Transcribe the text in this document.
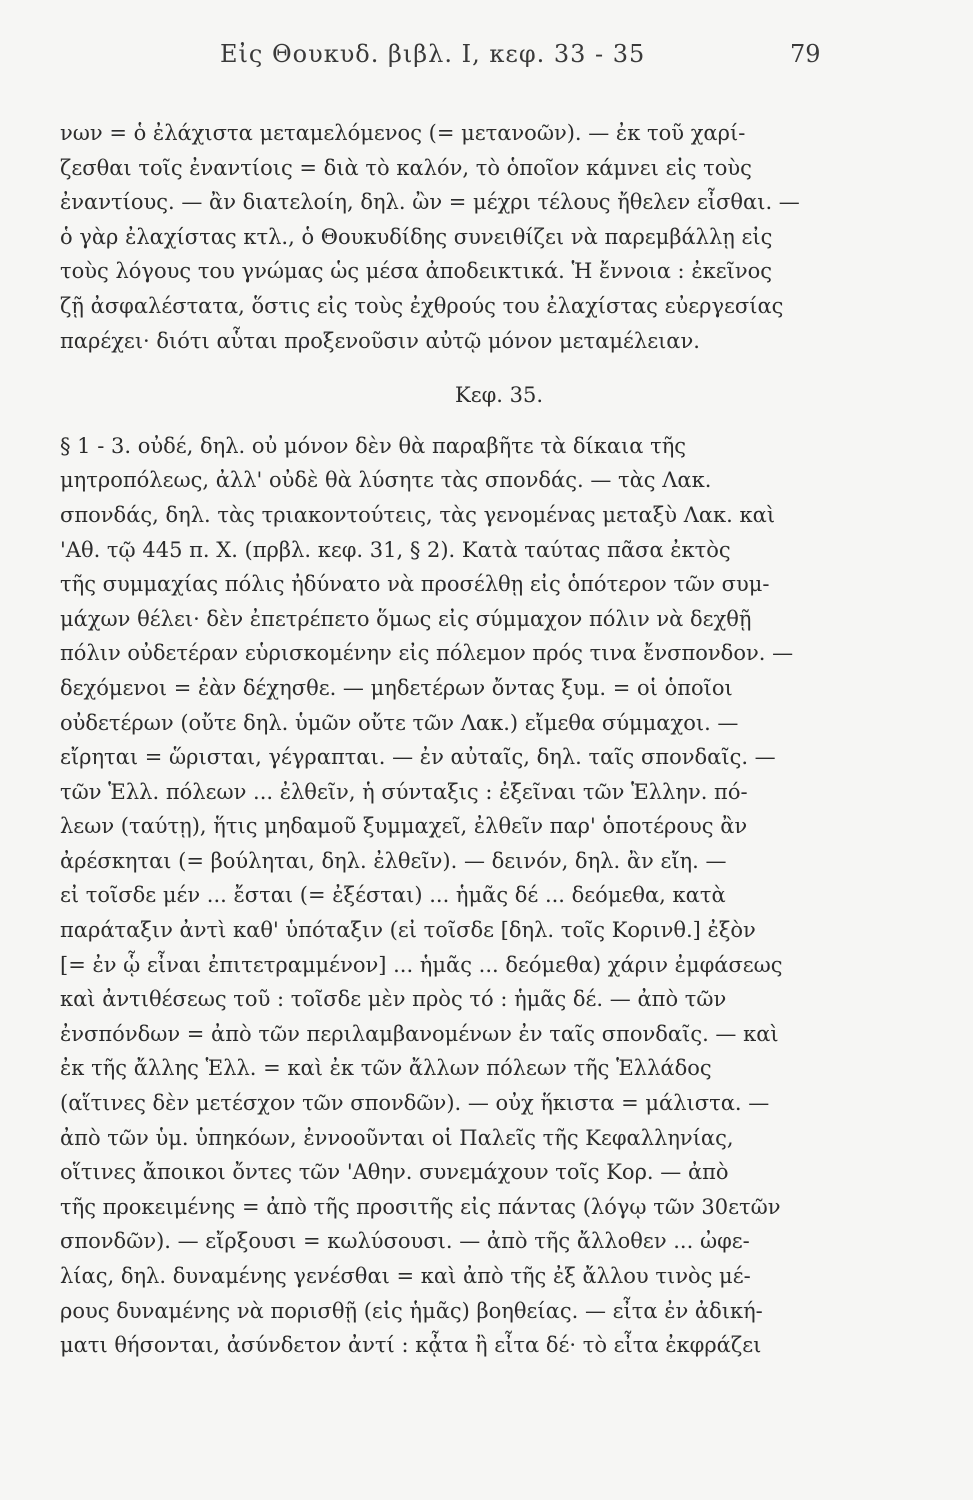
Εἰς Θουκυδ. βιβλ. Ι, κεφ. 33 - 35	79
νων = ὁ ἐλάχιστα μεταμελόμενος (= μετανοῶν). — ἐκ τοῦ χαρί-
ζεσθαι τοῖς ἐναντίοις = διὰ τὸ καλόν, τὸ ὁποῖον κάμνει εἰς τοὺς
ἐναντίους. — ἂν διατελοίη, δηλ. ὢν = μέχρι τέλους ἤθελεν εἶσθαι. —
ὁ γὰρ ἐλαχίστας κτλ., ὁ Θουκυδίδης συνειθίζει νὰ παρεμβάλλῃ εἰς
τοὺς λόγους του γνώμας ὡς μέσα ἀποδεικτικά. Ἡ ἔννοια : ἐκεῖνος
ζῇ ἀσφαλέστατα, ὅστις εἰς τοὺς ἐχθρούς του ἐλαχίστας εὐεργεσίας
παρέχει· διότι αὗται προξενοῦσιν αὐτῷ μόνον μεταμέλειαν.
Κεφ. 35.
§ 1 - 3. οὐδέ, δηλ. οὐ μόνον δὲν θὰ παραβῆτε τὰ δίκαια τῆς
μητροπόλεως, ἀλλ' οὐδὲ θὰ λύσητε τὰς σπονδάς. — τὰς Λακ.
σπονδάς, δηλ. τὰς τριακοντούτεις, τὰς γενομένας μεταξὺ Λακ. καὶ
'Αθ. τῷ 445 π. Χ. (πρβλ. κεφ. 31, § 2). Κατὰ ταύτας πᾶσα ἐκτὸς
τῆς συμμαχίας πόλις ἠδύνατο νὰ προσέλθῃ εἰς ὁπότερον τῶν συμ-
μάχων θέλει· δὲν ἐπετρέπετο ὅμως εἰς σύμμαχον πόλιν νὰ δεχθῇ
πόλιν οὐδετέραν εὑρισκομένην εἰς πόλεμον πρός τινα ἔνσπονδον. —
δεχόμενοι = ἐὰν δέχησθε. — μηδετέρων ὄντας ξυμ. = οἱ ὁποῖοι
οὐδετέρων (οὔτε δηλ. ὑμῶν οὔτε τῶν Λακ.) εἴμεθα σύμμαχοι. —
εἴρηται = ὥρισται, γέγραπται. — ἐν αὐταῖς, δηλ. ταῖς σπονδαῖς. —
τῶν Ἑλλ. πόλεων ... ἐλθεῖν, ἡ σύνταξις : ἐξεῖναι τῶν Ἑλλην. πό-
λεων (ταύτῃ), ἥτις μηδαμοῦ ξυμμαχεῖ, ἐλθεῖν παρ' ὁποτέρους ἂν
ἀρέσκηται (= βούληται, δηλ. ἐλθεῖν). — δεινόν, δηλ. ἂν εἴη. —
εἰ τοῖσδε μέν ... ἔσται (= ἐξέσται) ... ἡμᾶς δέ ... δεόμεθα, κατὰ
παράταξιν ἀντὶ καθ' ὑπόταξιν (εἰ τοῖσδε [δηλ. τοῖς Κορινθ.] ἐξὸν
[= ἐν ᾧ εἶναι ἐπιτετραμμένον] ... ἡμᾶς ... δεόμεθα) χάριν ἐμφάσεως
καὶ ἀντιθέσεως τοῦ : τοῖσδε μὲν πρὸς τό : ἡμᾶς δέ. — ἀπὸ τῶν
ἐνσπόνδων = ἀπὸ τῶν περιλαμβανομένων ἐν ταῖς σπονδαῖς. — καὶ
ἐκ τῆς ἄλλης Ἑλλ. = καὶ ἐκ τῶν ἄλλων πόλεων τῆς Ἑλλάδος
(αἵτινες δὲν μετέσχον τῶν σπονδῶν). — οὐχ ἥκιστα = μάλιστα. —
ἀπὸ τῶν ὑμ. ὑπηκόων, ἐννοοῦνται οἱ Παλεῖς τῆς Κεφαλληνίας,
οἵτινες ἄποικοι ὄντες τῶν 'Αθην. συνεμάχουν τοῖς Κορ. — ἀπὸ
τῆς προκειμένης = ἀπὸ τῆς προσιτῆς εἰς πάντας (λόγῳ τῶν 30ετῶν
σπονδῶν). — εἴρξουσι = κωλύσουσι. — ἀπὸ τῆς ἄλλοθεν ... ὠφε-
λίας, δηλ. δυναμένης γενέσθαι = καὶ ἀπὸ τῆς ἐξ ἄλλου τινὸς μέ-
ρους δυναμένης νὰ πορισθῇ (εἰς ἡμᾶς) βοηθείας. — εἶτα ἐν ἀδική-
ματι θήσονται, ἀσύνδετον ἀντί : κᾆτα ἢ εἶτα δέ· τὸ εἶτα ἐκφράζει
